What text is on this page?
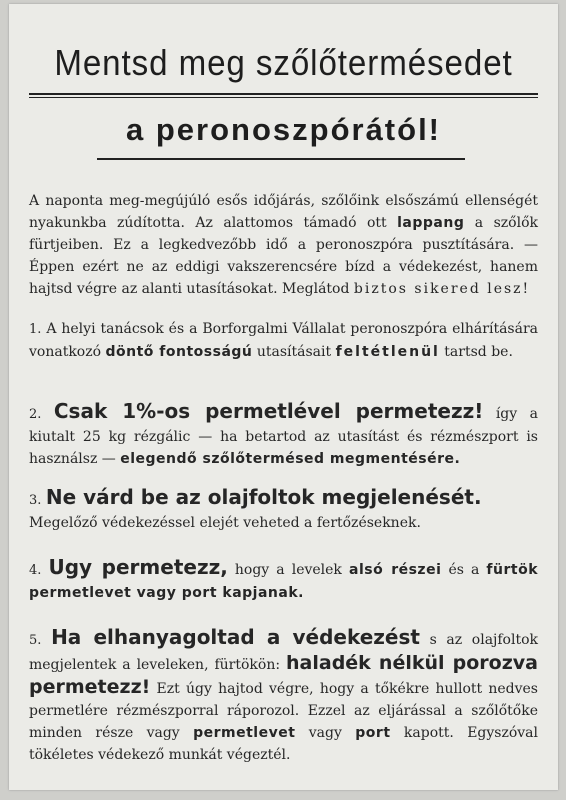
Mentsd meg szőlőtermésedet
a peronoszpórától!
A naponta meg-megújúló esős időjárás, szőlőink elsőszámú ellenségét nyakunkba zúdította. Az alattomos támadó ott lappang a szőlők fürtjeiben. Ez a legkedvezőbb idő a peronoszpóra pusztítására. — Éppen ezért ne az eddigi vakszerencsére bízd a védekezést, hanem hajtsd végre az alanti utasításokat. Meglátod biztos sikered lesz!
1. A helyi tanácsok és a Borforgalmi Vállalat peronoszpóra elhárítására vonatkozó döntő fontosságú utasításait feltétlenül tartsd be.
2. Csak 1%-os permetlével permetezz! így a kiutalt 25 kg rézgálic — ha betartod az utasítást és rézmészport is használsz — elegendő szőlőtermésed megmentésére.
3. Ne várd be az olajfoltok megjelenését.
Megelőző védekezéssel elejét veheted a fertőzéseknek.
4. Ugy permetezz, hogy a levelek alsó részei és a fürtök permetlevet vagy port kapjanak.
5. Ha elhanyagoltad a védekezést s az olajfoltok megjelentek a leveleken, fürtökön: haladék nélkül porozva permetezz! Ezt úgy hajtod végre, hogy a tőkékre hullott nedves permetlére rézmészporral ráporozol. Ezzel az eljárással a szőlőtőke minden része vagy permetlevet vagy port kapott. Egyszóval tökéletes védekező munkát végeztél.
